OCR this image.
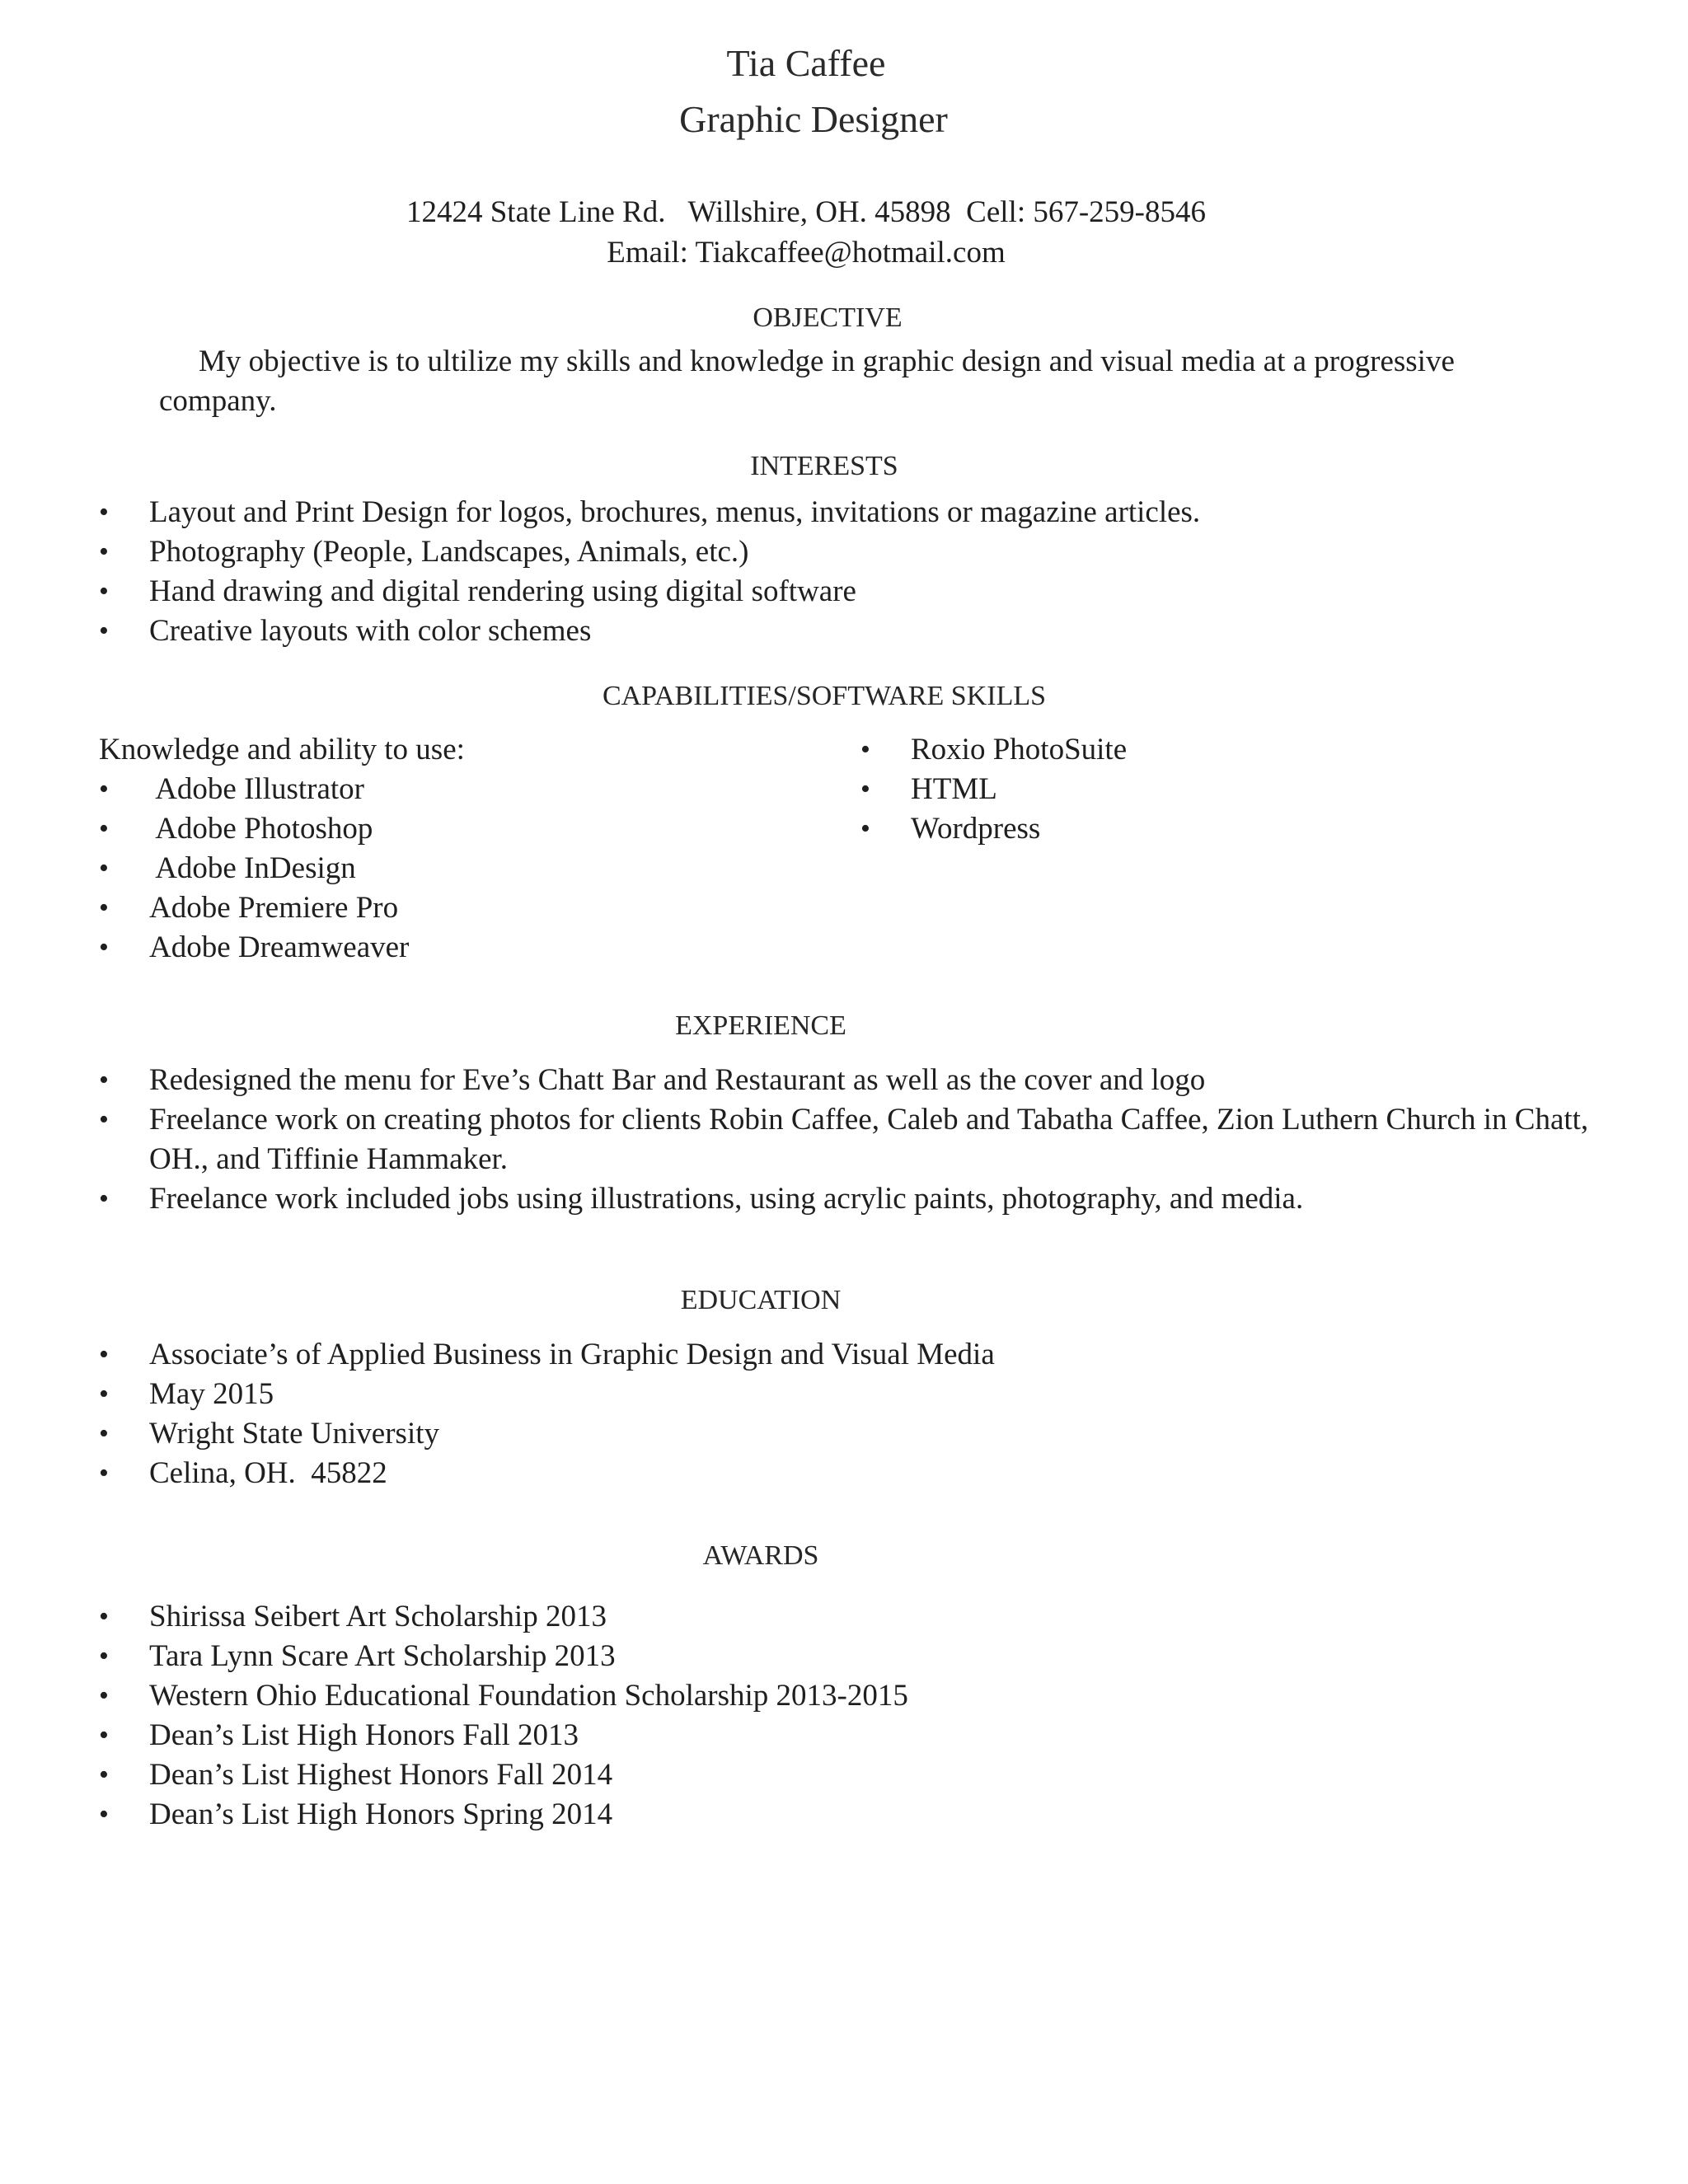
Tia Caffee
Graphic Designer
12424 State Line Rd.   Willshire, OH. 45898  Cell: 567-259-8546
Email: Tiakcaffee@hotmail.com
OBJECTIVE
My objective is to ultilize my skills and knowledge in graphic design and visual media at a progressive company.
INTERESTS
• Layout and Print Design for logos, brochures, menus, invitations or magazine articles.
• Photography (People, Landscapes, Animals, etc.)
• Hand drawing and digital rendering using digital software
• Creative layouts with color schemes
CAPABILITIES/SOFTWARE SKILLS
Knowledge and ability to use:
•  Adobe Illustrator
•  Adobe Photoshop
•  Adobe InDesign
• Adobe Premiere Pro
• Adobe Dreamweaver
• Roxio PhotoSuite
• HTML
• Wordpress
EXPERIENCE
• Redesigned the menu for Eve’s Chatt Bar and Restaurant as well as the cover and logo
• Freelance work on creating photos for clients Robin Caffee, Caleb and Tabatha Caffee, Zion Luthern Church in Chatt, OH., and Tiffinie Hammaker.
• Freelance work included jobs using illustrations, using acrylic paints, photography, and media.
EDUCATION
• Associate’s of Applied Business in Graphic Design and Visual Media
• May 2015
• Wright State University
• Celina, OH.  45822
AWARDS
• Shirissa Seibert Art Scholarship 2013
• Tara Lynn Scare Art Scholarship 2013
• Western Ohio Educational Foundation Scholarship 2013-2015
• Dean’s List High Honors Fall 2013
• Dean’s List Highest Honors Fall 2014
• Dean’s List High Honors Spring 2014
